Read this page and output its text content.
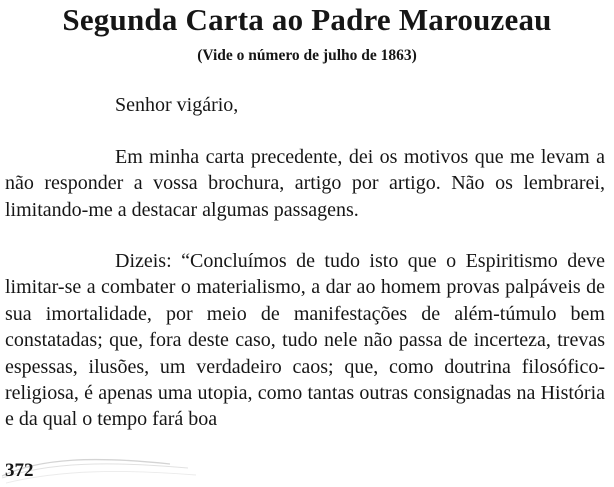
Segunda Carta ao Padre Marouzeau
(Vide o número de julho de 1863)
Senhor vigário,

Em minha carta precedente, dei os motivos que me levam a não responder a vossa brochura, artigo por artigo. Não os lembrarei, limitando-me a destacar algumas passagens.

Dizeis: “Concluímos de tudo isto que o Espiritismo deve limitar-se a combater o materialismo, a dar ao homem provas palpáveis de sua imortalidade, por meio de manifestações de além-túmulo bem constatadas; que, fora deste caso, tudo nele não passa de incerteza, trevas espessas, ilusões, um verdadeiro caos; que, como doutrina filosófico-religiosa, é apenas uma utopia, como tantas outras consignadas na História e da qual o tempo fará boa

372
